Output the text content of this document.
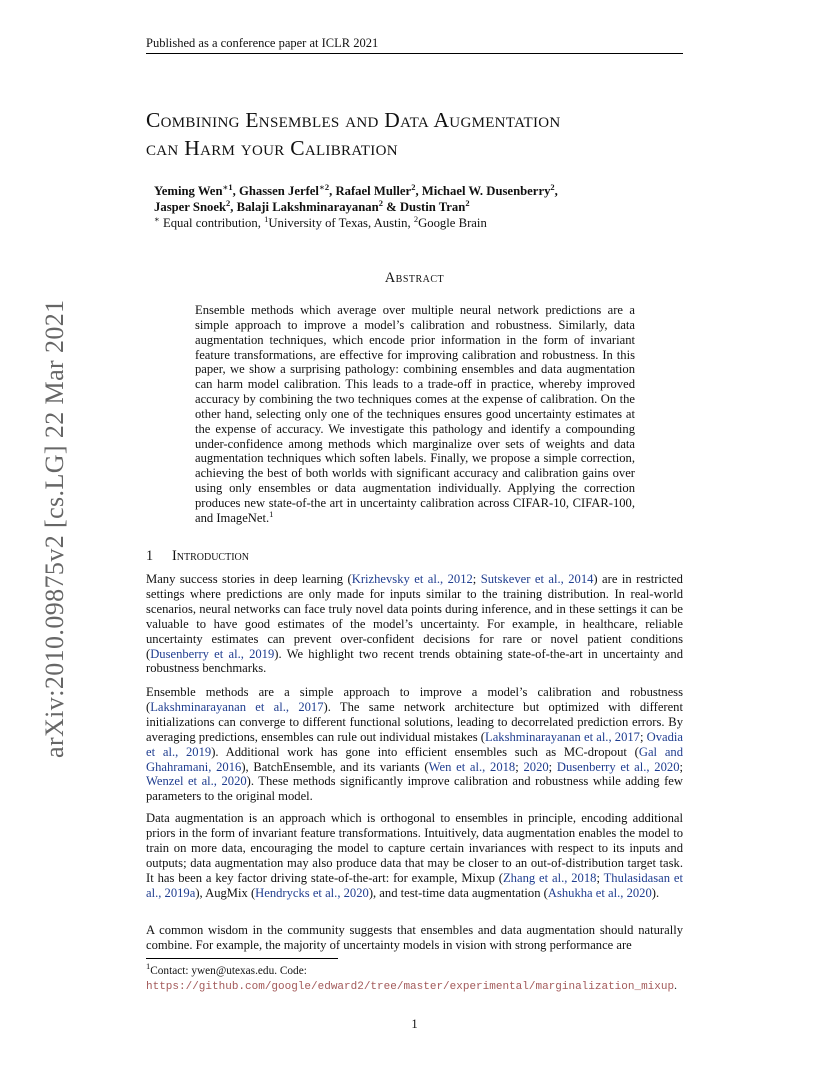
Published as a conference paper at ICLR 2021
arXiv:2010.09875v2 [cs.LG] 22 Mar 2021
Combining Ensembles and Data Augmentation
can Harm your Calibration
Yeming Wen$^{∗1}$, Ghassen Jerfel$^{∗2}$, Rafael Muller$^2$, Michael W. Dusenberry$^2$,
Jasper Snoek$^2$, Balaji Lakshminarayanan$^2$ & Dustin Tran$^2$
∗ Equal contribution, $^1$University of Texas, Austin, $^2$Google Brain
Abstract
Ensemble methods which average over multiple neural network predictions are a simple approach to improve a model’s calibration and robustness. Similarly, data augmentation techniques, which encode prior information in the form of invariant feature transformations, are effective for improving calibration and robustness. In this paper, we show a surprising pathology: combining ensembles and data augmentation can harm model calibration. This leads to a trade-off in practice, whereby improved accuracy by combining the two techniques comes at the expense of calibration. On the other hand, selecting only one of the techniques ensures good uncertainty estimates at the expense of accuracy. We investigate this pathology and identify a compounding under-confidence among methods which marginalize over sets of weights and data augmentation techniques which soften labels. Finally, we propose a simple correction, achieving the best of both worlds with significant accuracy and calibration gains over using only ensembles or data augmentation individually. Applying the correction produces new state-of-the art in uncertainty calibration across CIFAR-10, CIFAR-100, and ImageNet.$^1$
1 Introduction
Many success stories in deep learning (Krizhevsky et al., 2012; Sutskever et al., 2014) are in restricted settings where predictions are only made for inputs similar to the training distribution. In real-world scenarios, neural networks can face truly novel data points during inference, and in these settings it can be valuable to have good estimates of the model’s uncertainty. For example, in healthcare, reliable uncertainty estimates can prevent over-confident decisions for rare or novel patient conditions (Dusenberry et al., 2019). We highlight two recent trends obtaining state-of-the-art in uncertainty and robustness benchmarks.
Ensemble methods are a simple approach to improve a model’s calibration and robustness (Lakshminarayanan et al., 2017). The same network architecture but optimized with different initializations can converge to different functional solutions, leading to decorrelated prediction errors. By averaging predictions, ensembles can rule out individual mistakes (Lakshminarayanan et al., 2017; Ovadia et al., 2019). Additional work has gone into efficient ensembles such as MC-dropout (Gal and Ghahramani, 2016), BatchEnsemble, and its variants (Wen et al., 2018; 2020; Dusenberry et al., 2020; Wenzel et al., 2020). These methods significantly improve calibration and robustness while adding few parameters to the original model.
Data augmentation is an approach which is orthogonal to ensembles in principle, encoding additional priors in the form of invariant feature transformations. Intuitively, data augmentation enables the model to train on more data, encouraging the model to capture certain invariances with respect to its inputs and outputs; data augmentation may also produce data that may be closer to an out-of-distribution target task. It has been a key factor driving state-of-the-art: for example, Mixup (Zhang et al., 2018; Thulasidasan et al., 2019a), AugMix (Hendrycks et al., 2020), and test-time data augmentation (Ashukha et al., 2020).
A common wisdom in the community suggests that ensembles and data augmentation should naturally combine. For example, the majority of uncertainty models in vision with strong performance are
$^1$Contact: ywen@utexas.edu. Code: https://github.com/google/edward2/tree/master/experimental/marginalization_mixup.
1
